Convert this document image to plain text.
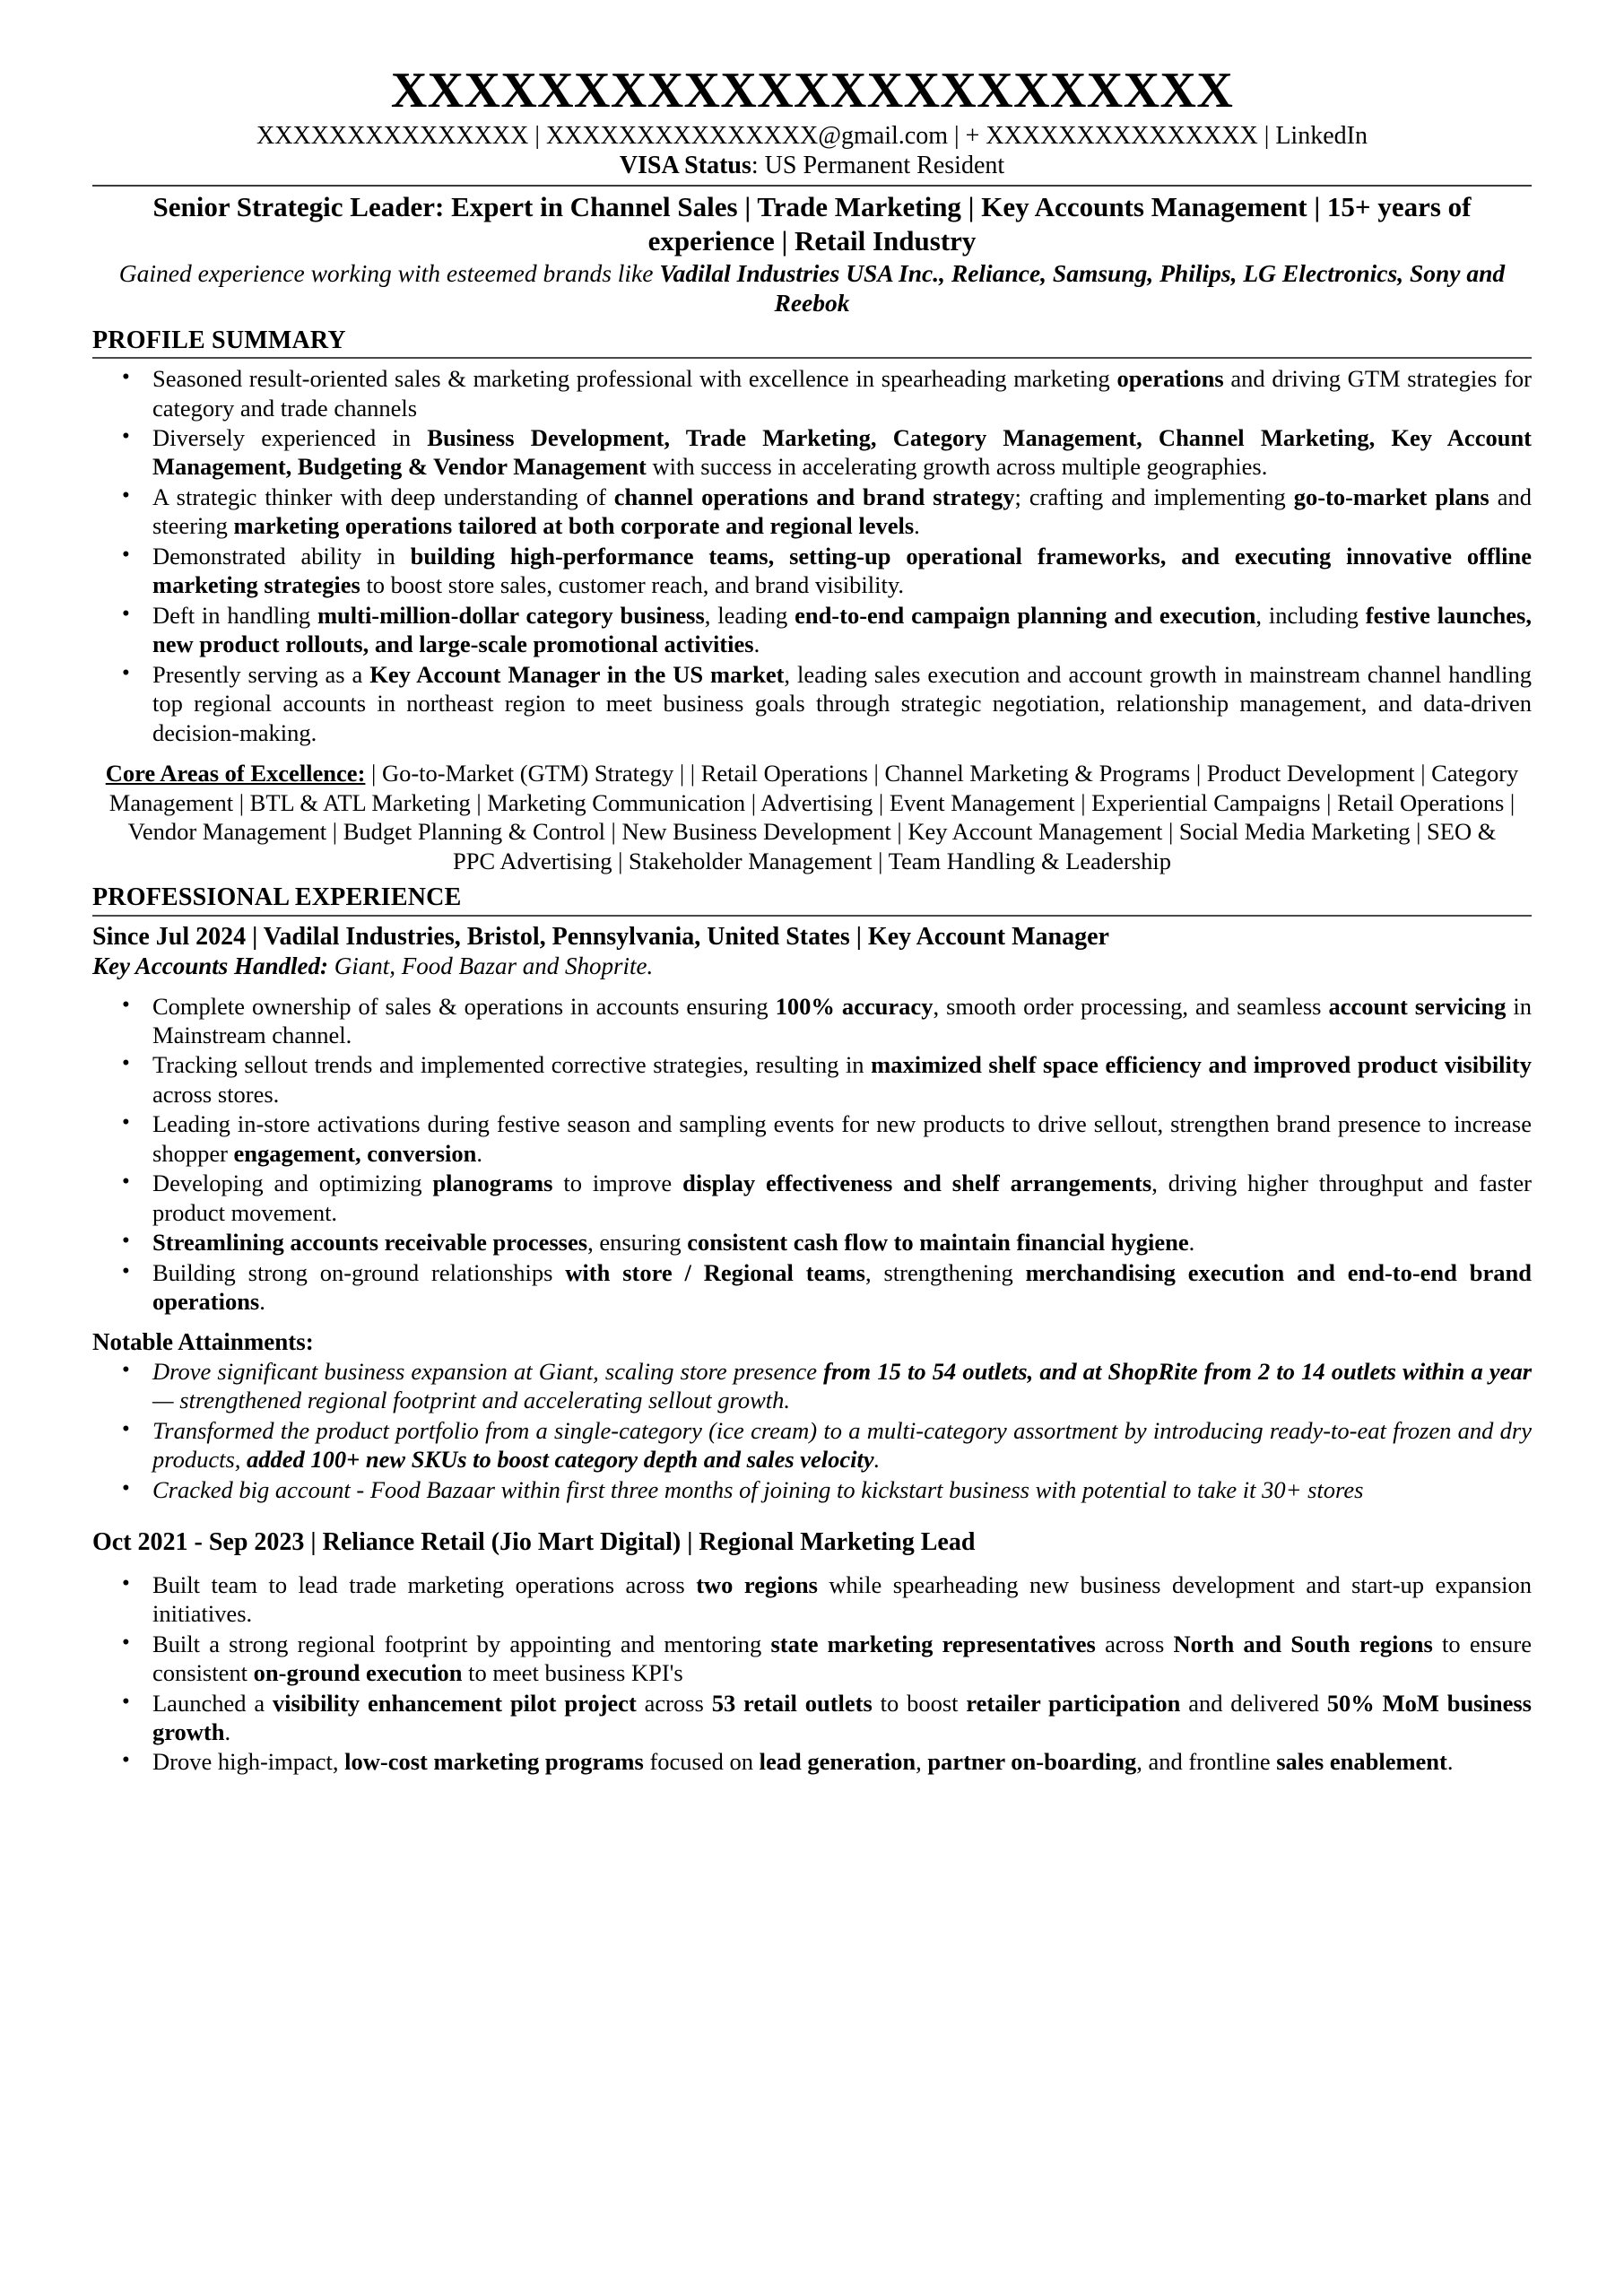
XXXXXXXXXXXXXXXXXXXXXXX
XXXXXXXXXXXXXXX | XXXXXXXXXXXXXXX@gmail.com | + XXXXXXXXXXXXXXX | LinkedIn
VISA Status: US Permanent Resident
Senior Strategic Leader: Expert in Channel Sales | Trade Marketing | Key Accounts Management | 15+ years of experience | Retail Industry
Gained experience working with esteemed brands like Vadilal Industries USA Inc., Reliance, Samsung, Philips, LG Electronics, Sony and Reebok
PROFILE SUMMARY
• Seasoned result-oriented sales & marketing professional with excellence in spearheading marketing operations and driving GTM strategies for category and trade channels
• Diversely experienced in Business Development, Trade Marketing, Category Management, Channel Marketing, Key Account Management, Budgeting & Vendor Management with success in accelerating growth across multiple geographies.
• A strategic thinker with deep understanding of channel operations and brand strategy; crafting and implementing go-to-market plans and steering marketing operations tailored at both corporate and regional levels.
• Demonstrated ability in building high-performance teams, setting-up operational frameworks, and executing innovative offline marketing strategies to boost store sales, customer reach, and brand visibility.
• Deft in handling multi-million-dollar category business, leading end-to-end campaign planning and execution, including festive launches, new product rollouts, and large-scale promotional activities.
• Presently serving as a Key Account Manager in the US market, leading sales execution and account growth in mainstream channel handling top regional accounts in northeast region to meet business goals through strategic negotiation, relationship management, and data-driven decision-making.
Core Areas of Excellence: | Go-to-Market (GTM) Strategy | | Retail Operations | Channel Marketing & Programs | Product Development | Category Management | BTL & ATL Marketing | Marketing Communication | Advertising | Event Management | Experiential Campaigns | Retail Operations | Vendor Management | Budget Planning & Control | New Business Development | Key Account Management | Social Media Marketing | SEO & PPC Advertising | Stakeholder Management | Team Handling & Leadership
PROFESSIONAL EXPERIENCE
Since Jul 2024 | Vadilal Industries, Bristol, Pennsylvania, United States | Key Account Manager
Key Accounts Handled: Giant, Food Bazar and Shoprite.
• Complete ownership of sales & operations in accounts ensuring 100% accuracy, smooth order processing, and seamless account servicing in Mainstream channel.
• Tracking sellout trends and implemented corrective strategies, resulting in maximized shelf space efficiency and improved product visibility across stores.
• Leading in-store activations during festive season and sampling events for new products to drive sellout, strengthen brand presence to increase shopper engagement, conversion.
• Developing and optimizing planograms to improve display effectiveness and shelf arrangements, driving higher throughput and faster product movement.
• Streamlining accounts receivable processes, ensuring consistent cash flow to maintain financial hygiene.
• Building strong on-ground relationships with store / Regional teams, strengthening merchandising execution and end-to-end brand operations.
Notable Attainments:
• Drove significant business expansion at Giant, scaling store presence from 15 to 54 outlets, and at ShopRite from 2 to 14 outlets within a year — strengthened regional footprint and accelerating sellout growth.
• Transformed the product portfolio from a single-category (ice cream) to a multi-category assortment by introducing ready-to-eat frozen and dry products, added 100+ new SKUs to boost category depth and sales velocity.
• Cracked big account - Food Bazaar within first three months of joining to kickstart business with potential to take it 30+ stores
Oct 2021 - Sep 2023 | Reliance Retail (Jio Mart Digital) | Regional Marketing Lead
• Built team to lead trade marketing operations across two regions while spearheading new business development and start-up expansion initiatives.
• Built a strong regional footprint by appointing and mentoring state marketing representatives across North and South regions to ensure consistent on-ground execution to meet business KPI's
• Launched a visibility enhancement pilot project across 53 retail outlets to boost retailer participation and delivered 50% MoM business growth.
• Drove high-impact, low-cost marketing programs focused on lead generation, partner on-boarding, and frontline sales enablement.
